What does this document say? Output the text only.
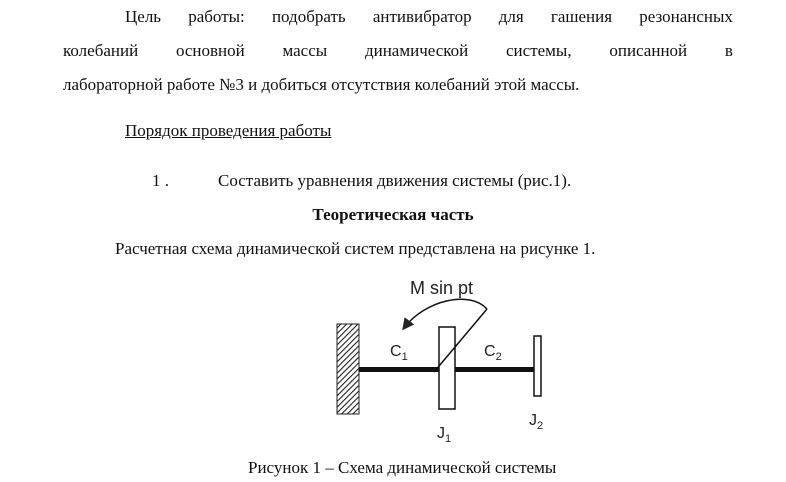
Цель работы: подобрать антивибратор для гашения резонансных
колебаний основной массы динамической системы, описанной в
лабораторной работе №3 и добиться отсутствия колебаний этой массы.
Порядок проведения работы
1 .	Составить уравнения движения системы (рис.1).
Теоретическая часть
Расчетная схема динамической систем представлена на рисунке 1.
M sin pt
$C_1$	$C_2$
$J_1$
$J_2$
Рисунок 1 – Схема динамической системы
